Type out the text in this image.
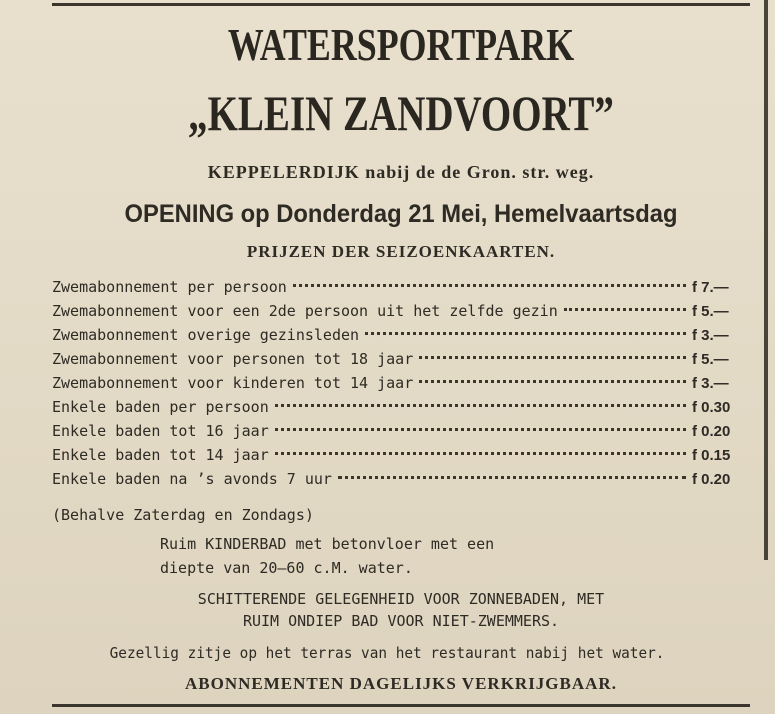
WATERSPORTPARK
„KLEIN ZANDVOORT”
KEPPELERDIJK nabij de de Gron. str. weg.
OPENING op Donderdag 21 Mei, Hemelvaartsdag
PRIJZEN DER SEIZOENKAARTEN.
Zwemabonnement per persoon	f 7.—
Zwemabonnement voor een 2de persoon uit het zelfde gezin	f 5.—
Zwemabonnement overige gezinsleden	f 3.—
Zwemabonnement voor personen tot 18 jaar	f 5.—
Zwemabonnement voor kinderen tot 14 jaar	f 3.—
Enkele baden per persoon	f 0.30
Enkele baden tot 16 jaar	f 0.20
Enkele baden tot 14 jaar	f 0.15
Enkele baden na ’s avonds 7 uur	f 0.20
(Behalve Zaterdag en Zondags)
Ruim KINDERBAD met betonvloer met een
diepte van 20—60 c.M. water.
SCHITTERENDE GELEGENHEID VOOR ZONNEBADEN, MET
RUIM ONDIEP BAD VOOR NIET-ZWEMMERS.
Gezellig zitje op het terras van het restaurant nabij het water.
ABONNEMENTEN DAGELIJKS VERKRIJGBAAR.
